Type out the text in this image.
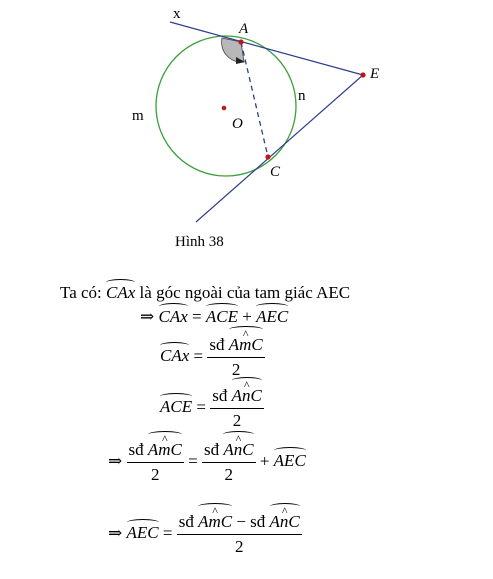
x
A
E
n
m	O
C
Hình 38
Ta có: CAx là góc ngoài của tam giác AEC
⇒ CAx = ACE + AEC
CAx = $\frac{\text{sđ \textasciicircum{} AmC}}{2}$
ACE = $\frac{\text{sđ \textasciicircum{} AnC}}{2}$
⇒ $\frac{\text{sđ \textasciicircum{} AmC}}{2} = \frac{\text{sđ \textasciicircum{} AnC}}{2}$ + AEC
⇒ AEC = $\frac{\text{sđ \textasciicircum{} AmC − sđ \textasciicircum{} AnC}}{2}$
